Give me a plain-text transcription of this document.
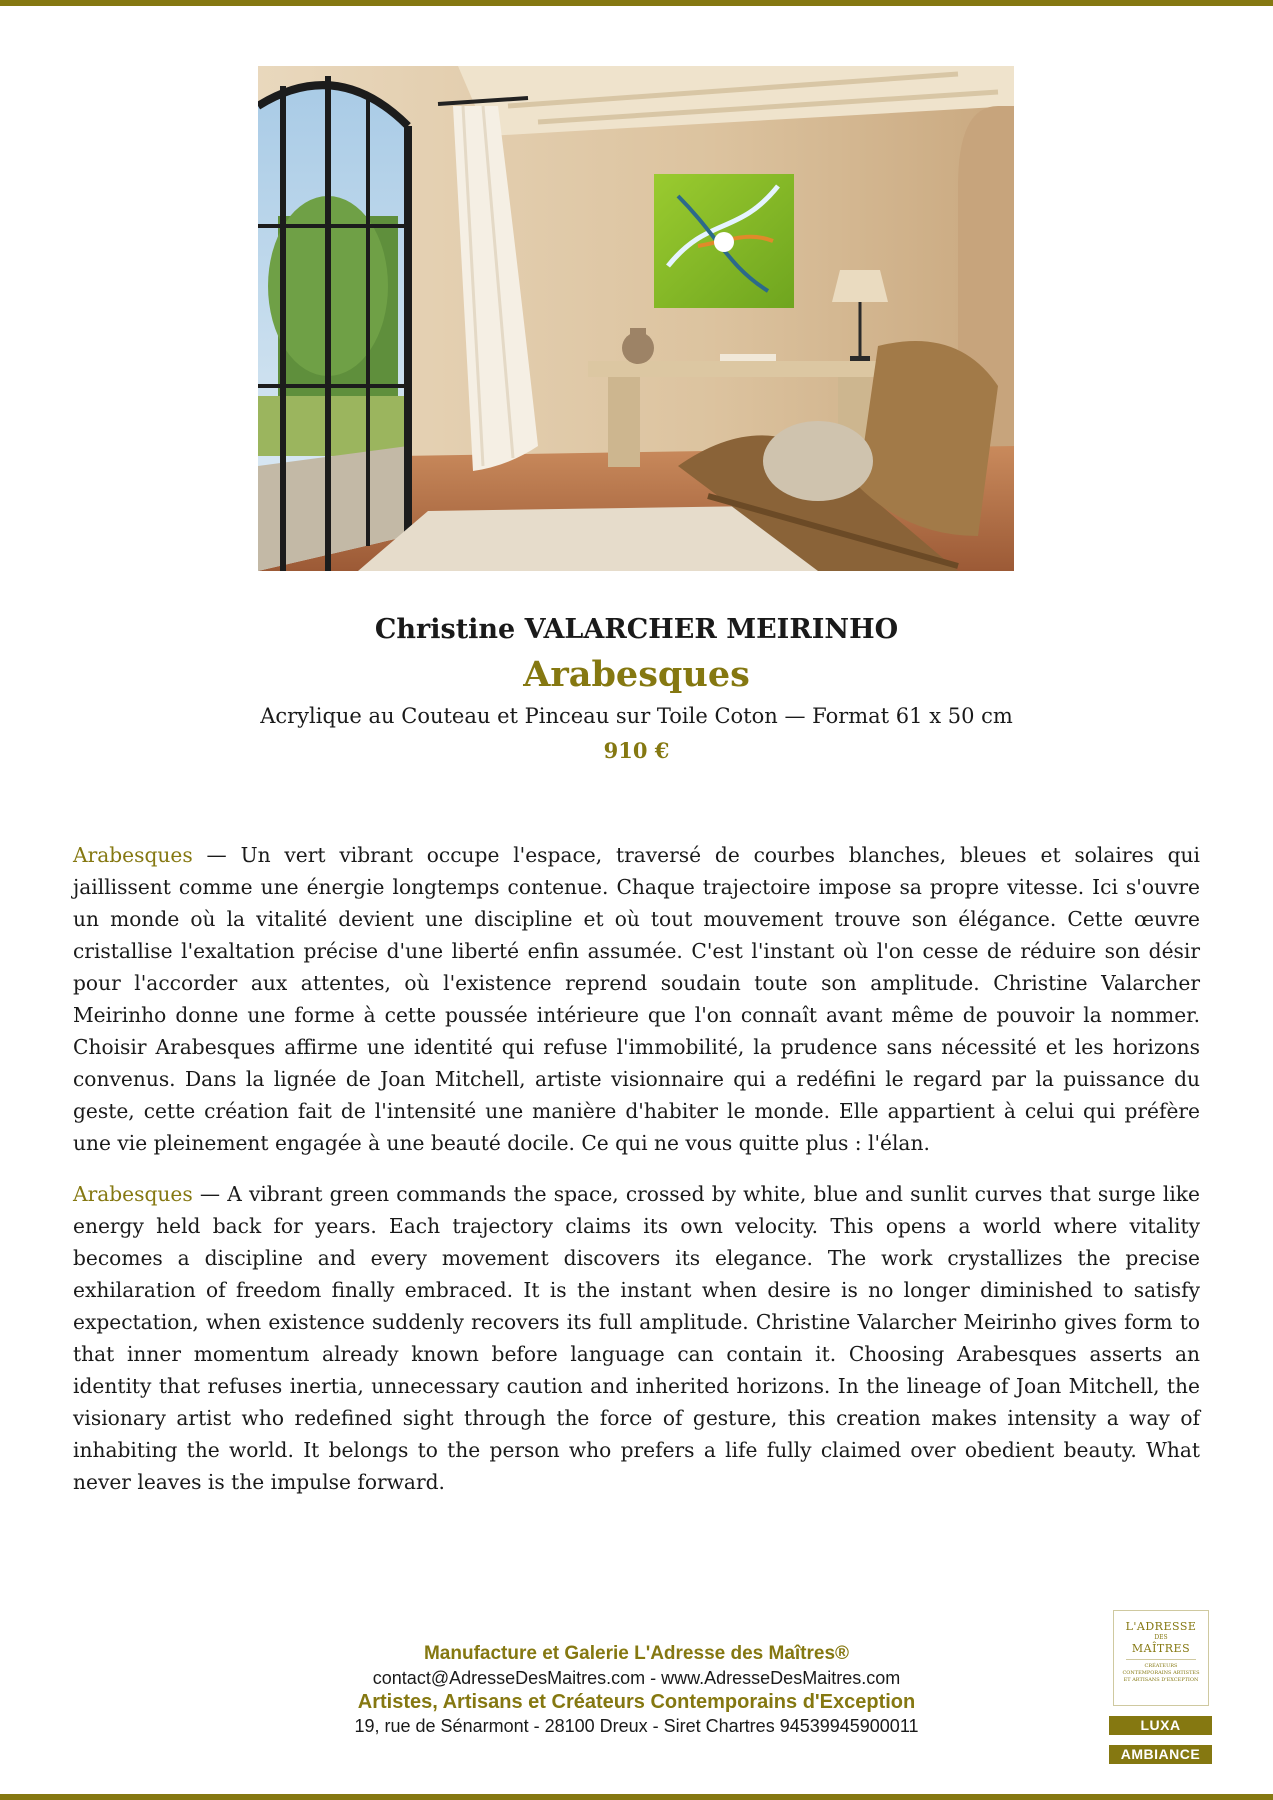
Christine VALARCHER MEIRINHO
Arabesques
Acrylique au Couteau et Pinceau sur Toile Coton — Format 61 x 50 cm
910 €

Arabesques — Un vert vibrant occupe l'espace, traversé de courbes blanches, bleues et solaires qui jaillissent comme une énergie longtemps contenue. Chaque trajectoire impose sa propre vitesse. Ici s'ouvre un monde où la vitalité devient une discipline et où tout mouvement trouve son élégance. Cette œuvre cristallise l'exaltation précise d'une liberté enfin assumée. C'est l'instant où l'on cesse de réduire son désir pour l'accorder aux attentes, où l'existence reprend soudain toute son amplitude. Christine Valarcher Meirinho donne une forme à cette poussée intérieure que l'on connaît avant même de pouvoir la nommer. Choisir Arabesques affirme une identité qui refuse l'immobilité, la prudence sans nécessité et les horizons convenus. Dans la lignée de Joan Mitchell, artiste visionnaire qui a redéfini le regard par la puissance du geste, cette création fait de l'intensité une manière d'habiter le monde. Elle appartient à celui qui préfère une vie pleinement engagée à une beauté docile. Ce qui ne vous quitte plus : l'élan.

Arabesques — A vibrant green commands the space, crossed by white, blue and sunlit curves that surge like energy held back for years. Each trajectory claims its own velocity. This opens a world where vitality becomes a discipline and every movement discovers its elegance. The work crystallizes the precise exhilaration of freedom finally embraced. It is the instant when desire is no longer diminished to satisfy expectation, when existence suddenly recovers its full amplitude. Christine Valarcher Meirinho gives form to that inner momentum already known before language can contain it. Choosing Arabesques asserts an identity that refuses inertia, unnecessary caution and inherited horizons. In the lineage of Joan Mitchell, the visionary artist who redefined sight through the force of gesture, this creation makes intensity a way of inhabiting the world. It belongs to the person who prefers a life fully claimed over obedient beauty. What never leaves is the impulse forward.

Manufacture et Galerie L'Adresse des Maîtres®
contact@AdresseDesMaitres.com - www.AdresseDesMaitres.com
Artistes, Artisans et Créateurs Contemporains d'Exception
19, rue de Sénarmont - 28100 Dreux - Siret Chartres 94539945900011
L'ADRESSE
DES
MAÎTRES
CRÉATEURS CONTEMPORAINS ARTISTES ET ARTISANS D'EXCEPTION
LUXA
AMBIANCE
